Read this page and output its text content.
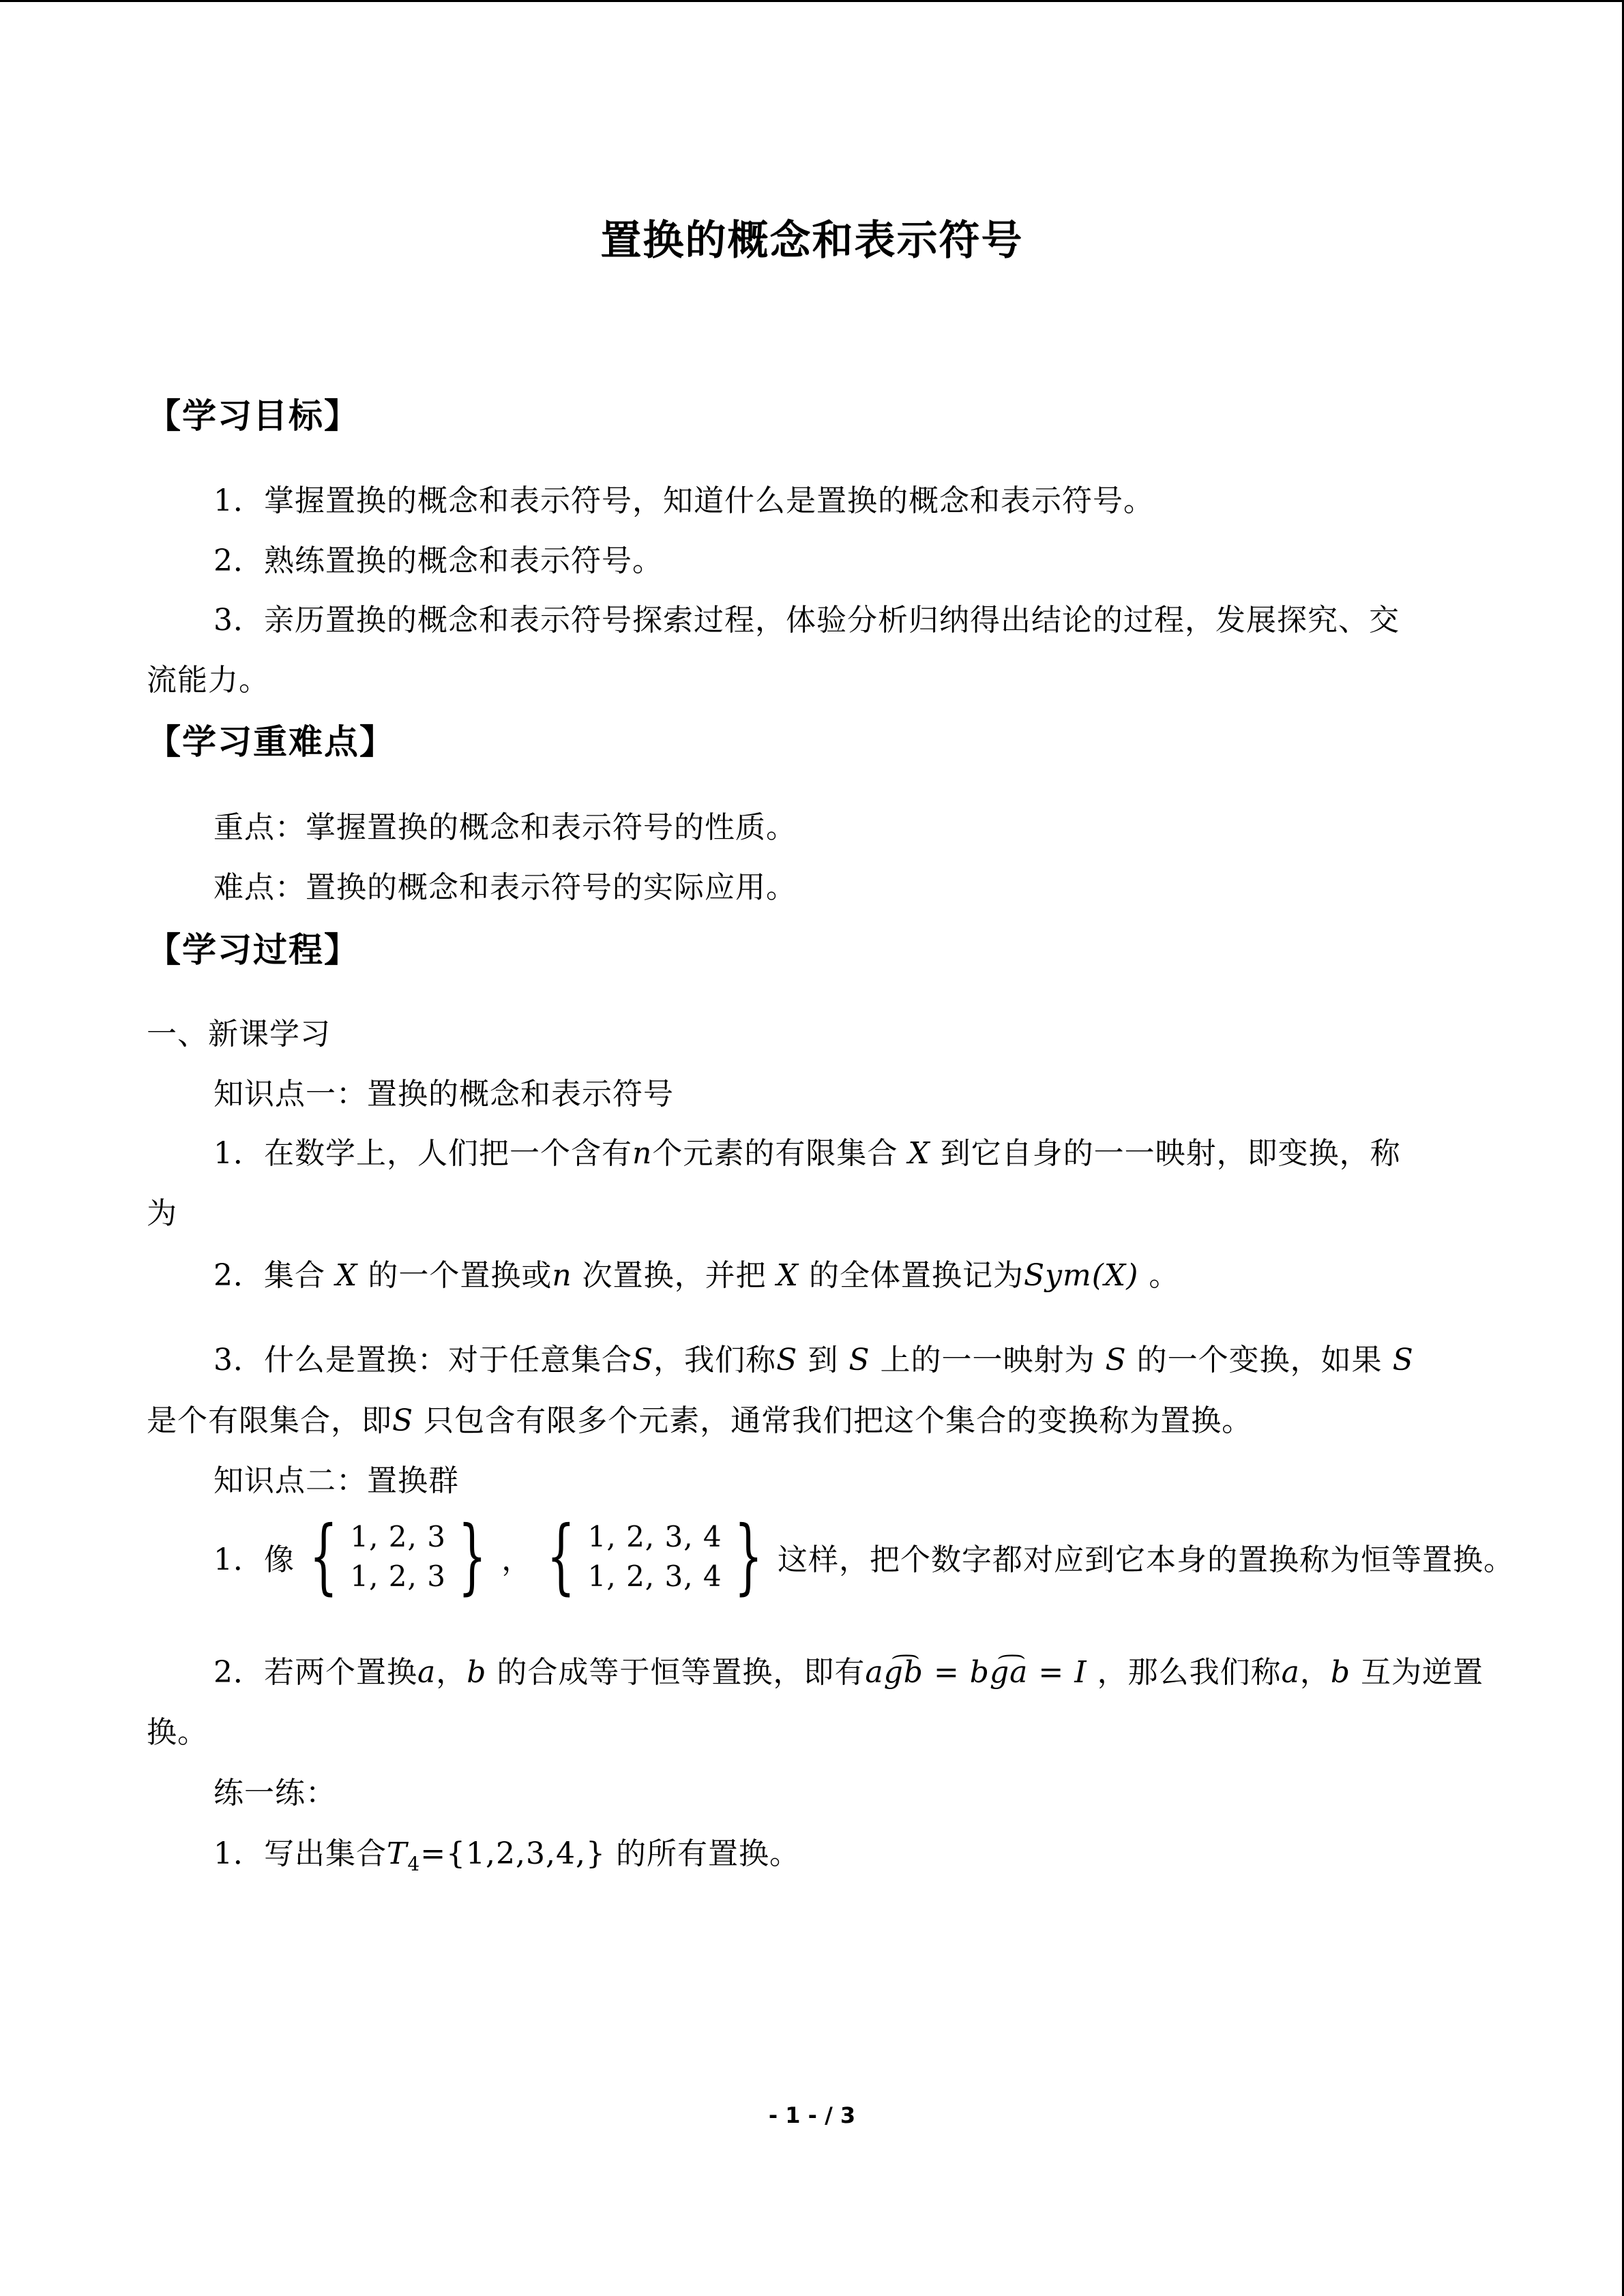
置换的概念和表示符号
【学习目标】
1．掌握置换的概念和表示符号，知道什么是置换的概念和表示符号。
2．熟练置换的概念和表示符号。
3．亲历置换的概念和表示符号探索过程，体验分析归纳得出结论的过程，发展探究、交
流能力。
【学习重难点】
重点：掌握置换的概念和表示符号的性质。
难点：置换的概念和表示符号的实际应用。
【学习过程】
一、新课学习
知识点一：置换的概念和表示符号
1．在数学上，人们把一个含有n个元素的有限集合 X 到它自身的一一映射，即变换，称
为
2．集合 X 的一个置换或n 次置换，并把 X 的全体置换记为Sym(X) 。
3．什么是置换：对于任意集合S，我们称S 到 S 上的一一映射为 S 的一个变换，如果 S
是个有限集合，即S 只包含有限多个元素，通常我们把这个集合的变换称为置换。
知识点二：置换群
1．像 { 1, 2, 3
1, 2, 3 } ， { 1, 2, 3, 4
1, 2, 3, 4 } 这样，把个数字都对应到它本身的置换称为恒等置换。
2．若两个置换a，b 的合成等于恒等置换，即有ag͡b = bg͡a = I ，那么我们称a，b 互为逆置
换。
练一练：
1．写出集合$T_4=\{1,2,3,4,\}$ 的所有置换。
- 1 - / 3
